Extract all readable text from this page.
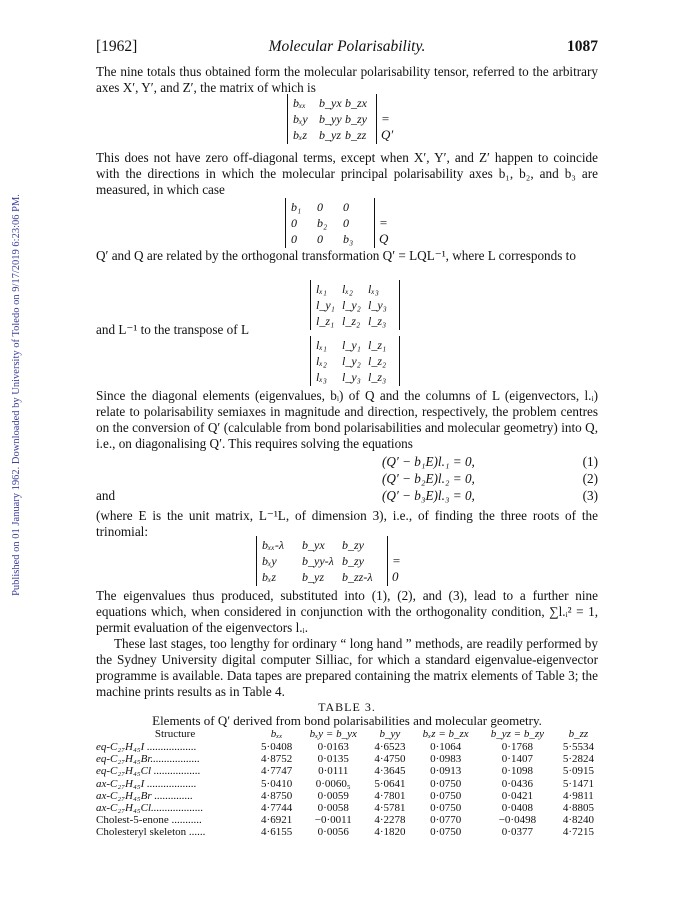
Published on 01 January 1962. Downloaded by University of Toledo on 9/17/2019 6:23:06 PM.
[1962]	Molecular Polarisability.	1087

The nine totals thus obtained form the molecular polarisability tensor, referred to the arbitrary axes X′, Y′, and Z′, the matrix of which is

bₓₓ	b_yx b_zx
bₓy b_yy b_zy
bₓz b_yz b_zz
= Q′

This does not have zero off-diagonal terms, except when X′, Y′, and Z′ happen to coincide with the directions in which the molecular principal polarisability axes b₁, b₂, and b₃ are measured, in which case

b₁	0	0
0	b₂	0
0	0	b₃
= Q

Q′ and Q are related by the orthogonal transformation Q′ = LQL⁻¹, where L corresponds to

lₓ₁	lₓ₂	lₓ₃
l_y₁ l_y₂ l_y₃
l_z₁ l_z₂ l_z₃

and L⁻¹ to the transpose of L

lₓ₁	l_y₁ l_z₁
lₓ₂	l_y₂ l_z₂
lₓ₃	l_y₃ l_z₃

Since the diagonal elements (eigenvalues, bᵢ) of Q and the columns of L (eigenvectors, l.ᵢ) relate to polarisability semiaxes in magnitude and direction, respectively, the problem centres on the conversion of Q′ (calculable from bond polarisabilities and molecular geometry) into Q, i.e., on diagonalising Q′. This requires solving the equations

and
(Q′ − b₁E)l.₁ = 0,	(1)
(Q′ − b₂E)l.₂ = 0,	(2)
(Q′ − b₃E)l.₃ = 0,	(3)

(where E is the unit matrix, L⁻¹L, of dimension 3), i.e., of finding the three roots of the trinomial:

bₓₓ-λ	b_yx	b_zy
bₓy	b_yy-λ b_zy
bₓz	b_yz	b_zz-λ
= 0

The eigenvalues thus produced, substituted into (1), (2), and (3), lead to a further nine equations which, when considered in conjunction with the orthogonality condition, ∑l.ᵢ² = 1, permit evaluation of the eigenvectors l.ᵢ.

These last stages, too lengthy for ordinary “ long hand ” methods, are readily performed by the Sydney University digital computer Silliac, for which a standard eigenvalue-eigenvector programme is available. Data tapes are prepared containing the matrix elements of Table 3; the machine prints results as in Table 4.

TABLE 3.
Elements of Q′ derived from bond polarisabilities and molecular geometry.
Structure	bₓₓ	bₓy = b_yx	b_yy	bₓz = b_zx	b_yz = b_zy	b_zz
eq-C₂₇H₄₅I ..................	5·0408	0·0163	4·6523	0·1064	0·1768	5·5534
eq-C₂₇H₄₅Br..................	4·8752	0·0135	4·4750	0·0983	0·1407	5·2824
eq-C₂₇H₄₅Cl .................	4·7747	0·0111	4·3645	0·0913	0·1098	5·0915
ax-C₂₇H₄₅I ..................	5·0410	0·0060₅	5·0641	0·0750	0·0436	5·1471
ax-C₂₇H₄₅Br ..............	4·8750	0·0059	4·7801	0·0750	0·0421	4·9811
ax-C₂₇H₄₅Cl...................	4·7744	0·0058	4·5781	0·0750	0·0408	4·8805
Cholest-5-enone ...........	4·6921	−0·0011	4·2278	0·0770	−0·0498	4·8240
Cholesteryl skeleton ......	4·6155	0·0056	4·1820	0·0750	0·0377	4·7215
